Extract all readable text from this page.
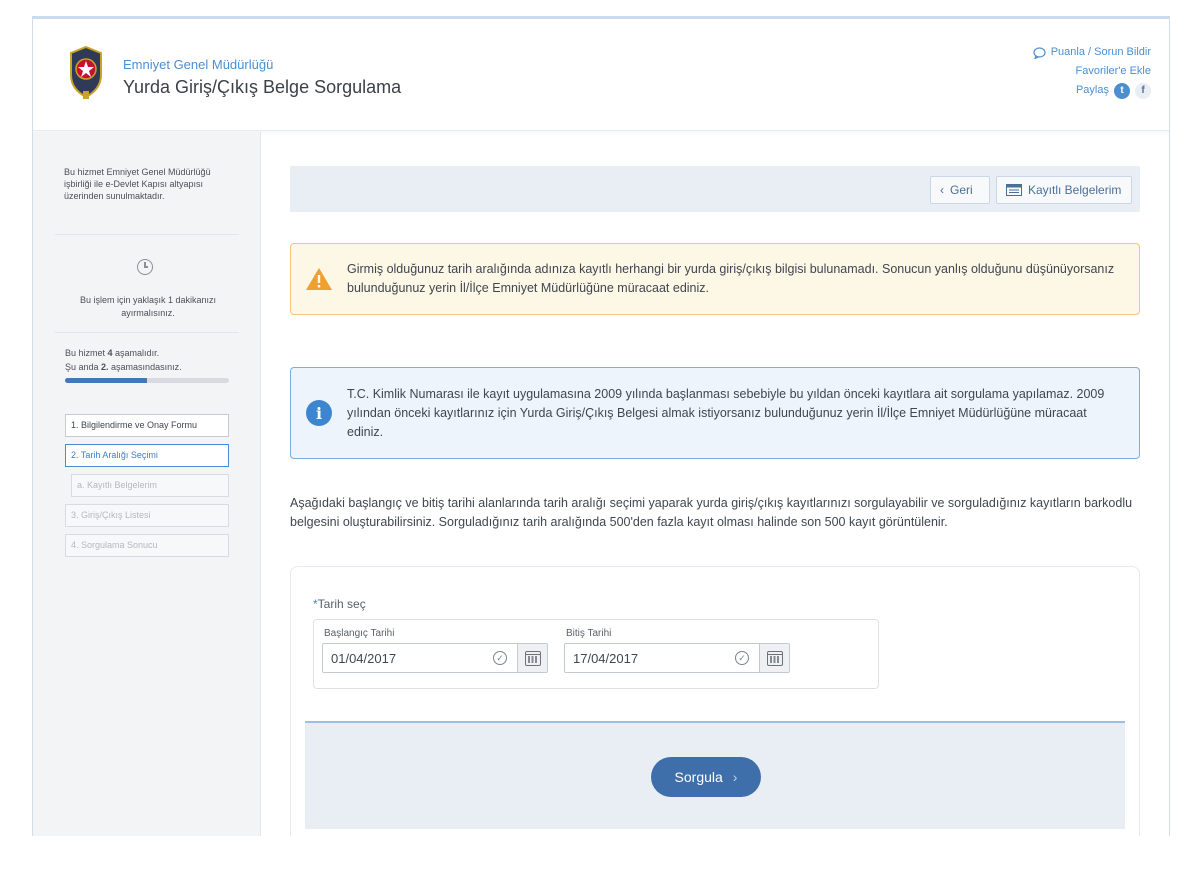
Emniyet Genel Müdürlüğü
Yurda Giriş/Çıkış Belge Sorgulama
Puanla / Sorun Bildir
Favoriler'e Ekle
Paylaş	t	f
Bu hizmet Emniyet Genel Müdürlüğü işbirliği ile e-Devlet Kapısı altyapısı üzerinden sunulmaktadır.
Bu işlem için yaklaşık 1 dakikanızı ayırmalısınız.
Bu hizmet 4 aşamalıdır.
Şu anda 2. aşamasındasınız.
1. Bilgilendirme ve Onay Formu
2. Tarih Aralığı Seçimi
a. Kayıtlı Belgelerim
3. Giriş/Çıkış Listesi
4. Sorgulama Sonucu
‹ Geri	Kayıtlı Belgelerim
Girmiş olduğunuz tarih aralığında adınıza kayıtlı herhangi bir yurda giriş/çıkış bilgisi bulunamadı. Sonucun yanlış olduğunu düşünüyorsanız bulunduğunuz yerin İl/İlçe Emniyet Müdürlüğüne müracaat ediniz.
i
T.C. Kimlik Numarası ile kayıt uygulamasına 2009 yılında başlanması sebebiyle bu yıldan önceki kayıtlara ait sorgulama yapılamaz. 2009 yılından önceki kayıtlarınız için Yurda Giriş/Çıkış Belgesi almak istiyorsanız bulunduğunuz yerin İl/İlçe Emniyet Müdürlüğüne müracaat ediniz.
Aşağıdaki başlangıç ve bitiş tarihi alanlarında tarih aralığı seçimi yaparak yurda giriş/çıkış kayıtlarınızı sorgulayabilir ve sorguladığınız kayıtların barkodlu belgesini oluşturabilirsiniz. Sorguladığınız tarih aralığında 500'den fazla kayıt olması halinde son 500 kayıt görüntülenir.
*Tarih seç
Başlangıç Tarihi
01/04/2017	✓
Bitiş Tarihi
17/04/2017	✓
Sorgula ›
